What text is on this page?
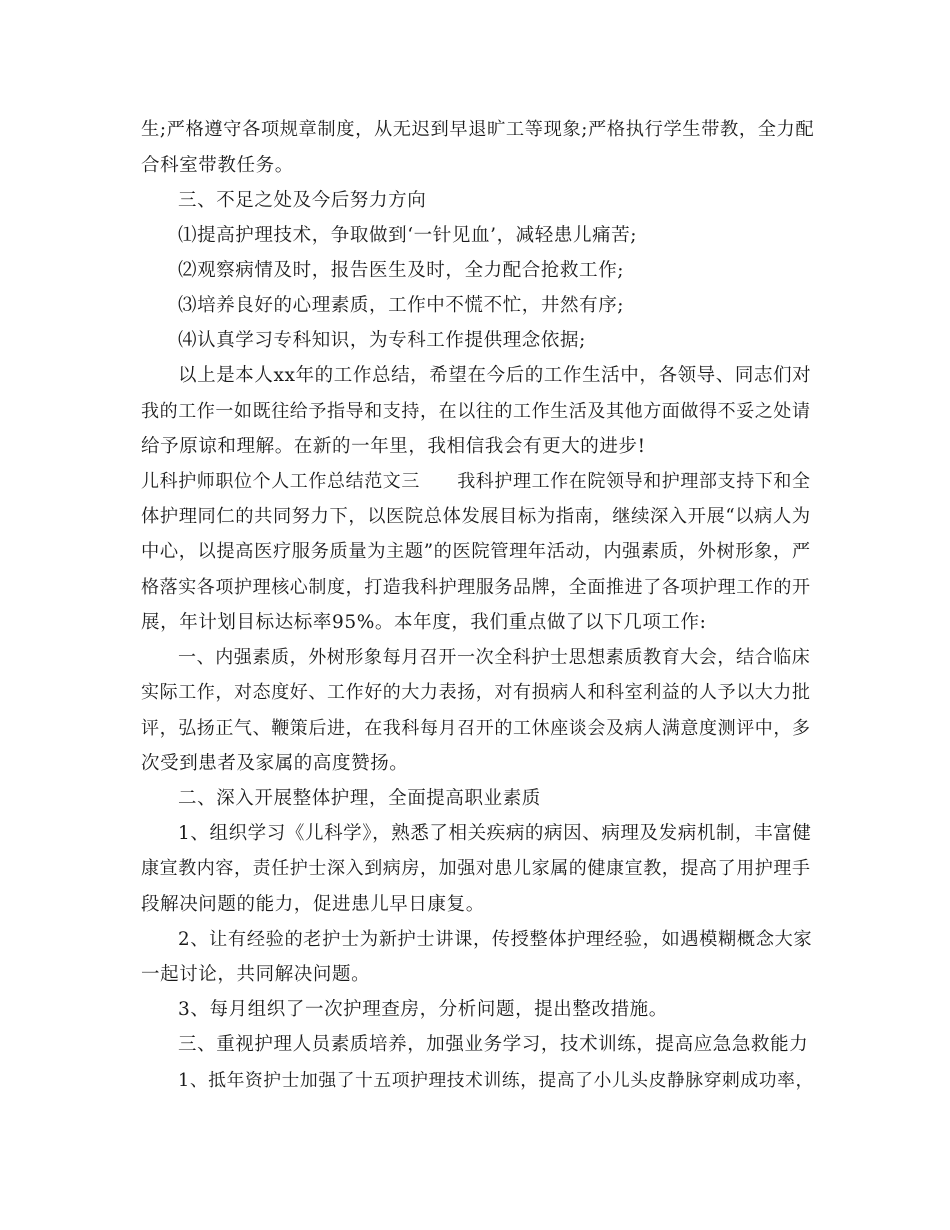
生;严格遵守各项规章制度，从无迟到早退旷工等现象;严格执行学生带教，全力配
合科室带教任务。
三、不足之处及今后努力方向
⑴提高护理技术，争取做到‘一针见血’，减轻患儿痛苦;
⑵观察病情及时，报告医生及时，全力配合抢救工作;
⑶培养良好的心理素质，工作中不慌不忙，井然有序;
⑷认真学习专科知识，为专科工作提供理念依据;
以上是本人xx年的工作总结，希望在今后的工作生活中，各领导、同志们对
我的工作一如既往给予指导和支持，在以往的工作生活及其他方面做得不妥之处请
给予原谅和理解。在新的一年里，我相信我会有更大的进步!
儿科护师职位个人工作总结范文三　　我科护理工作在院领导和护理部支持下和全
体护理同仁的共同努力下，以医院总体发展目标为指南，继续深入开展“以病人为
中心，以提高医疗服务质量为主题”的医院管理年活动，内强素质，外树形象，严
格落实各项护理核心制度，打造我科护理服务品牌，全面推进了各项护理工作的开
展，年计划目标达标率95%。本年度，我们重点做了以下几项工作:
一、内强素质，外树形象每月召开一次全科护士思想素质教育大会，结合临床
实际工作，对态度好、工作好的大力表扬，对有损病人和科室利益的人予以大力批
评，弘扬正气、鞭策后进，在我科每月召开的工休座谈会及病人满意度测评中，多
次受到患者及家属的高度赞扬。
二、深入开展整体护理，全面提高职业素质
1、组织学习《儿科学》，熟悉了相关疾病的病因、病理及发病机制，丰富健
康宣教内容，责任护士深入到病房，加强对患儿家属的健康宣教，提高了用护理手
段解决问题的能力，促进患儿早日康复。
2、让有经验的老护士为新护士讲课，传授整体护理经验，如遇模糊概念大家
一起讨论，共同解决问题。
3、每月组织了一次护理查房，分析问题，提出整改措施。
三、重视护理人员素质培养，加强业务学习，技术训练，提高应急急救能力
1、抵年资护士加强了十五项护理技术训练，提高了小儿头皮静脉穿刺成功率，
